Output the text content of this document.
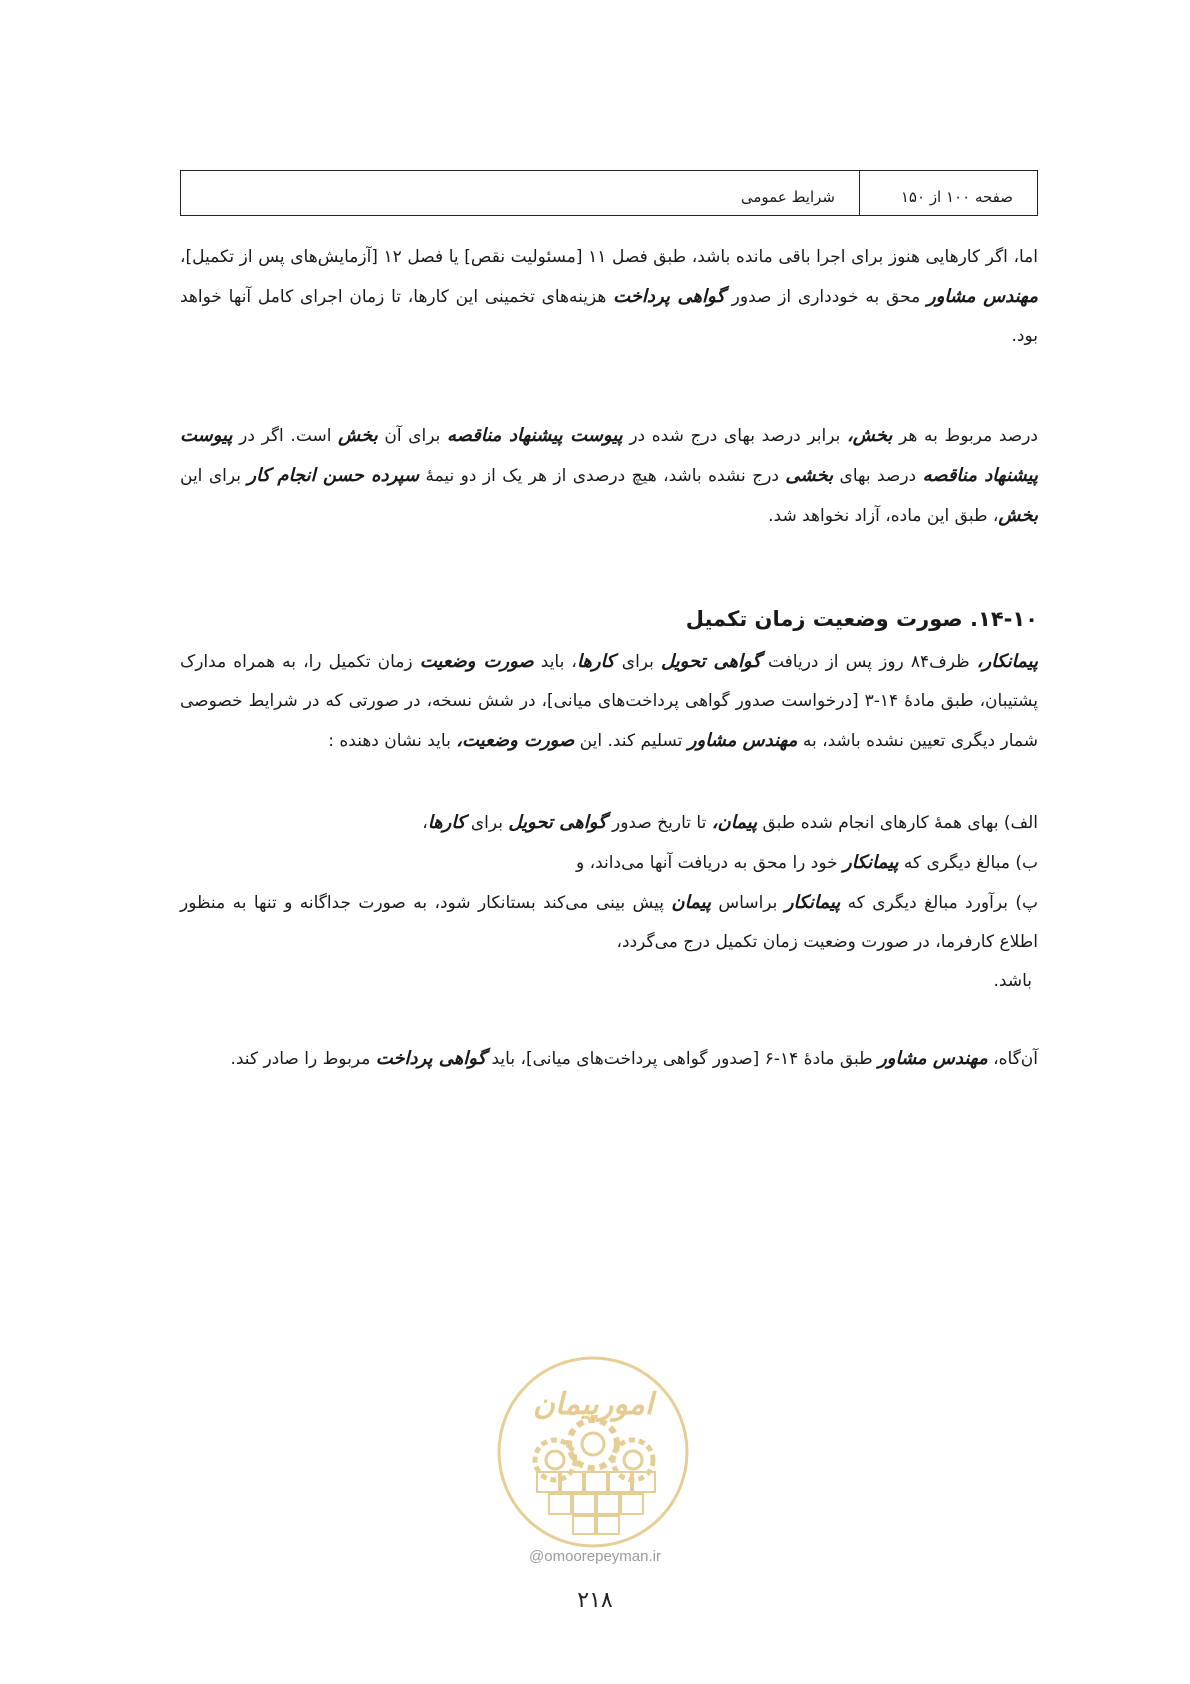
صفحه ۱۰۰ از ۱۵۰
شرایط عمومی

اما، اگر کارهایی هنوز برای اجرا باقی مانده باشد، طبق فصل ۱۱ [مسئولیت نقص] یا فصل ۱۲ [آزمایش‌های پس از تکمیل]، مهندس مشاور محق به خودداری از صدور گواهی پرداخت هزینه‌های تخمینی این کارها، تا زمان اجرای کامل آنها خواهد بود.

درصد مربوط به هر بخش، برابر درصد بهای درج شده در پیوست پیشنهاد مناقصه برای آن بخش است. اگر در پیوست پیشنهاد مناقصه درصد بهای بخشی درج نشده باشد، هیچ درصدی از هر یک از دو نیمهٔ سپرده حسن انجام کار برای این بخش، طبق این ماده، آزاد نخواهد شد.

۱۴-۱۰. صورت وضعیت زمان تکمیل

پیمانکار، ظرف۸۴ روز پس از دریافت گواهی تحویل برای کارها، باید صورت وضعیت زمان تکمیل را، به همراه مدارک پشتیبان، طبق مادهٔ ۱۴-۳ [درخواست صدور گواهی پرداخت‌های میانی]، در شش نسخه، در صورتی که در شرایط خصوصی شمار دیگری تعیین نشده باشد، به مهندس مشاور تسلیم کند. این صورت وضعیت، باید نشان دهنده :

الف) بهای همهٔ کارهای انجام شده طبق پیمان، تا تاریخ صدور گواهی تحویل برای کارها،

ب) مبالغ دیگری که پیمانکار خود را محق به دریافت آنها می‌داند، و

پ) برآورد مبالغ دیگری که پیمانکار براساس پیمان پیش بینی می‌کند بستانکار شود، به صورت جداگانه و تنها به منظور اطلاع کارفرما، در صورت وضعیت زمان تکمیل درج می‌گردد،

باشد.

آن‌گاه، مهندس مشاور طبق مادهٔ ۱۴-۶ [صدور گواهی پرداخت‌های میانی]، باید گواهی پرداخت مربوط را صادر کند.

امورپیمان
@omoorepeyman.ir
۲۱۸
